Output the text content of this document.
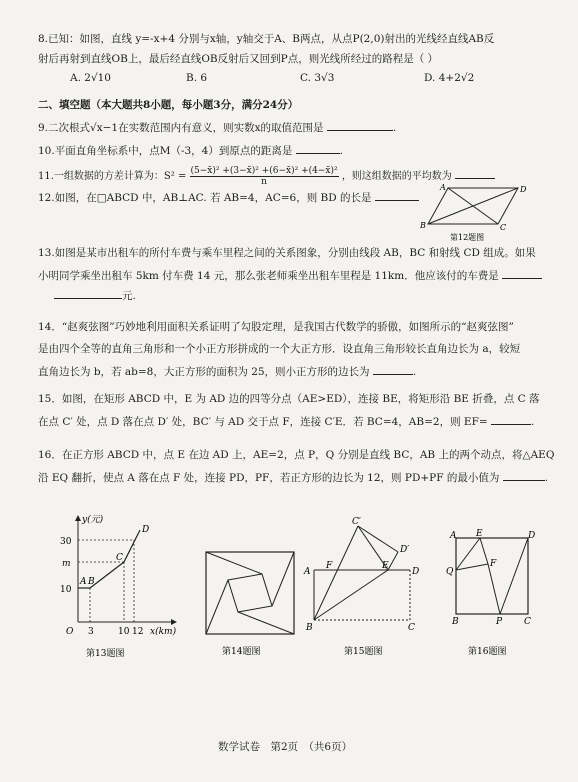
8.已知：如图，直线 y=-x+4 分别与x轴，y轴交于A、B两点，从点P(2,0)射出的光线经直线AB反
射后再射到直线OB上，最后经直线OB反射后又回到P点，则光线所经过的路程是（ ）
A. 2√10	B. 6	C. 3√3	D. 4+2√2
二、填空题（本大题共8小题，每小题3分，满分24分）
9.二次根式√x−1在实数范围内有意义，则实数x的取值范围是	.
10.平面直角坐标系中，点M（-3，4）到原点的距离是	.
11.一组数据的方差计算为：$S^2 = \frac{\text{(5−x̄)² +(3−x̄)² +(6−x̄)² +(4−x̄)²}}{n}$ ，则这组数据的平均数为
12.如图，在□ABCD 中，AB⊥AC. 若 AB=4，AC=6，则 BD 的长是
A	D
B	C
第12题图
13.如图是某市出租车的所付车费与乘车里程之间的关系图象，分别由线段 AB，BC 和射线 CD 组成。如果
小明同学乘坐出租车 5km 付车费 14 元，那么张老师乘坐出租车里程是 11km．他应该付的车费是
元.
14．“赵爽弦图”巧妙地利用面积关系证明了勾股定理，是我国古代数学的骄傲，如图所示的“赵爽弦图”
是由四个全等的直角三角形和一个小正方形拼成的一个大正方形．设直角三角形较长直角边长为 a，较短
直角边长为 b，若 ab=8，大正方形的面积为 25，则小正方形的边长为	.
15．如图，在矩形 ABCD 中，E 为 AD 边的四等分点（AE>ED），连接 BE，将矩形沿 BE 折叠，点 C 落
在点 C′ 处，点 D 落在点 D′ 处，BC′ 与 AD 交于点 F，连接 C′E．若 BC=4，AB=2，则 EF=	.
16．在正方形 ABCD 中，点 E 在边 AD 上，AE=2，点 P，Q 分别是直线 BC，AB 上的两个动点，将△AEQ
沿 EQ 翻折，使点 A 落在点 F 处，连接 PD，PF，若正方形的边长为 12，则 PD+PF 的最小值为	.
y(元)
x(km)
O
30
m
10
3	10 12
A B
C
D
第13题图	第14题图
C′
D′
A
F	E
D
B	C
第15题图
A E	D
Q
F
B	P C
第16题图
数学试卷　第2页　（共6页）
